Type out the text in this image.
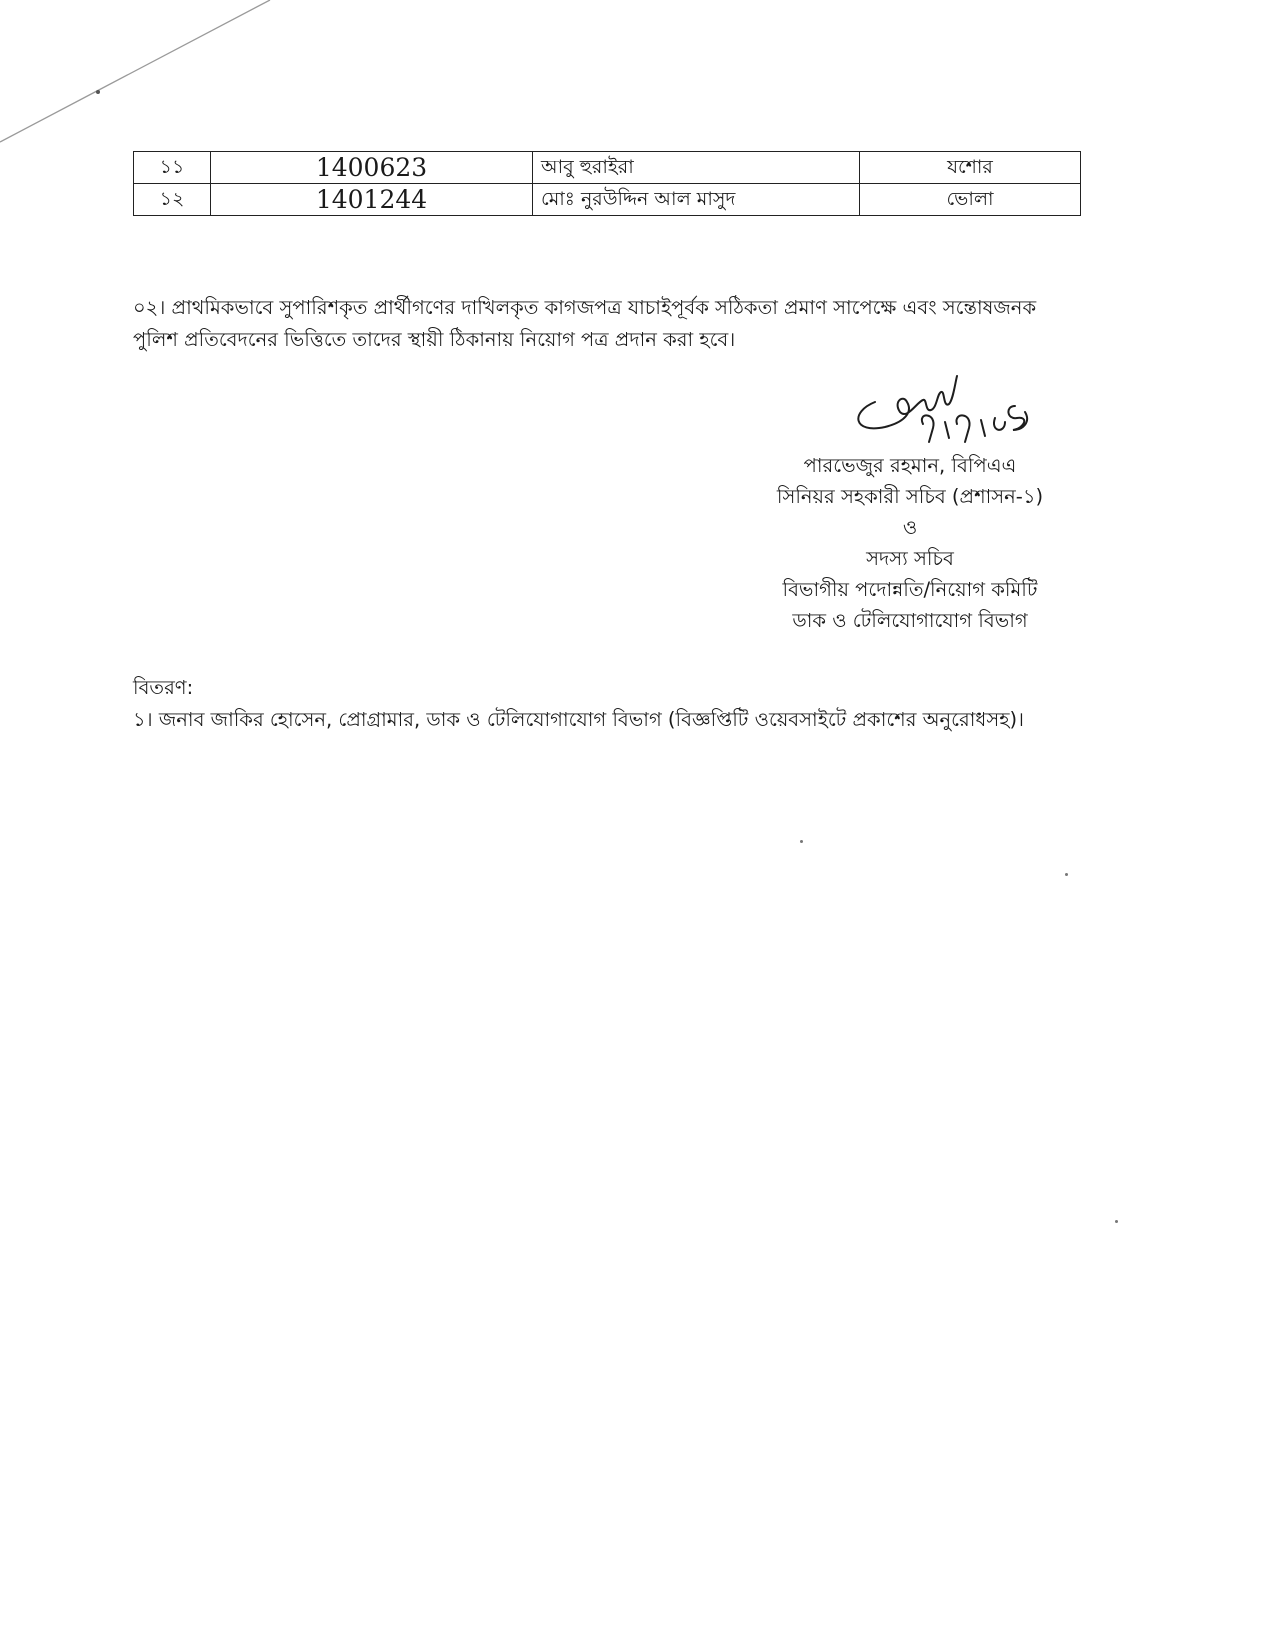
১১	1400623	আবু হুরাইরা	যশোর
১২	1401244	মোঃ নুরউদ্দিন আল মাসুদ	ভোলা
০২। প্রাথমিকভাবে সুপারিশকৃত প্রার্থীগণের দাখিলকৃত কাগজপত্র যাচাইপূর্বক সঠিকতা প্রমাণ সাপেক্ষে এবং সন্তোষজনক
পুলিশ প্রতিবেদনের ভিত্তিতে তাদের স্থায়ী ঠিকানায় নিয়োগ পত্র প্রদান করা হবে।
পারভেজুর রহমান, বিপিএএ
সিনিয়র সহকারী সচিব (প্রশাসন-১)
ও
সদস্য সচিব
বিভাগীয় পদোন্নতি/নিয়োগ কমিটি
ডাক ও টেলিযোগাযোগ বিভাগ
বিতরণ:
১। জনাব জাকির হোসেন, প্রোগ্রামার, ডাক ও টেলিযোগাযোগ বিভাগ (বিজ্ঞপ্তিটি ওয়েবসাইটে প্রকাশের অনুরোধসহ)।
